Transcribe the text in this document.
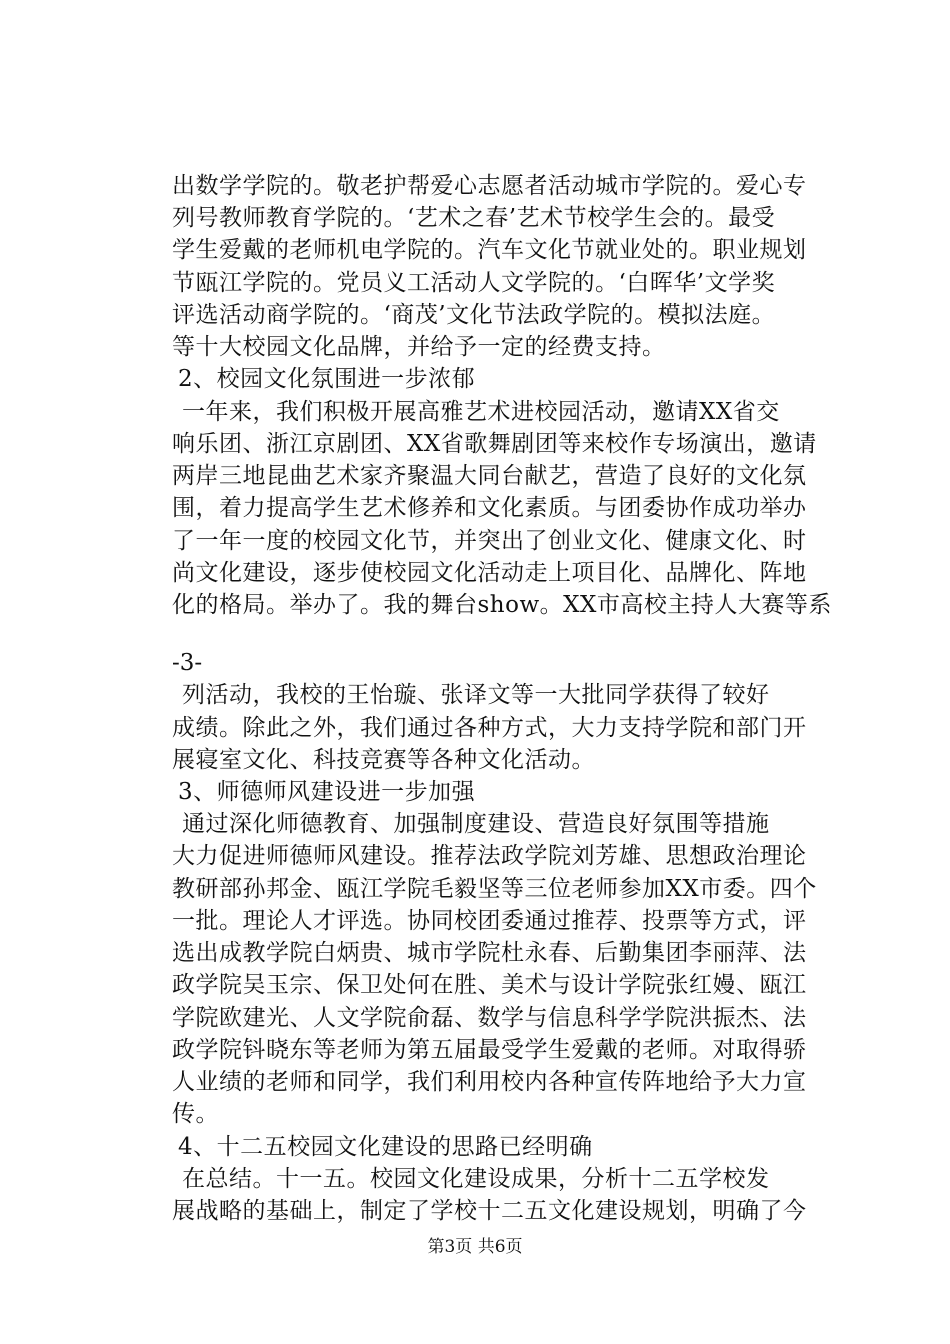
出数学学院的。敬老护帮爱心志愿者活动城市学院的。爱心专
列号教师教育学院的。‘艺术之春’艺术节校学生会的。最受
学生爱戴的老师机电学院的。汽车文化节就业处的。职业规划
节瓯江学院的。党员义工活动人文学院的。‘白晖华’文学奖
评选活动商学院的。‘商茂’文化节法政学院的。模拟法庭。
等十大校园文化品牌，并给予一定的经费支持。
2、校园文化氛围进一步浓郁
一年来，我们积极开展高雅艺术进校园活动，邀请XX省交
响乐团、浙江京剧团、XX省歌舞剧团等来校作专场演出，邀请
两岸三地昆曲艺术家齐聚温大同台献艺，营造了良好的文化氛
围，着力提高学生艺术修养和文化素质。与团委协作成功举办
了一年一度的校园文化节，并突出了创业文化、健康文化、时
尚文化建设，逐步使校园文化活动走上项目化、品牌化、阵地
化的格局。举办了。我的舞台show。XX市高校主持人大赛等系
-3-
列活动，我校的王怡璇、张译文等一大批同学获得了较好
成绩。除此之外，我们通过各种方式，大力支持学院和部门开
展寝室文化、科技竞赛等各种文化活动。
3、师德师风建设进一步加强
通过深化师德教育、加强制度建设、营造良好氛围等措施
大力促进师德师风建设。推荐法政学院刘芳雄、思想政治理论
教研部孙邦金、瓯江学院毛毅坚等三位老师参加XX市委。四个
一批。理论人才评选。协同校团委通过推荐、投票等方式，评
选出成教学院白炳贵、城市学院杜永春、后勤集团李丽萍、法
政学院吴玉宗、保卫处何在胜、美术与设计学院张红嫚、瓯江
学院欧建光、人文学院俞磊、数学与信息科学学院洪振杰、法
政学院钭晓东等老师为第五届最受学生爱戴的老师。对取得骄
人业绩的老师和同学，我们利用校内各种宣传阵地给予大力宣
传。
4、十二五校园文化建设的思路已经明确
在总结。十一五。校园文化建设成果，分析十二五学校发
展战略的基础上，制定了学校十二五文化建设规划，明确了今
第3页 共6页
